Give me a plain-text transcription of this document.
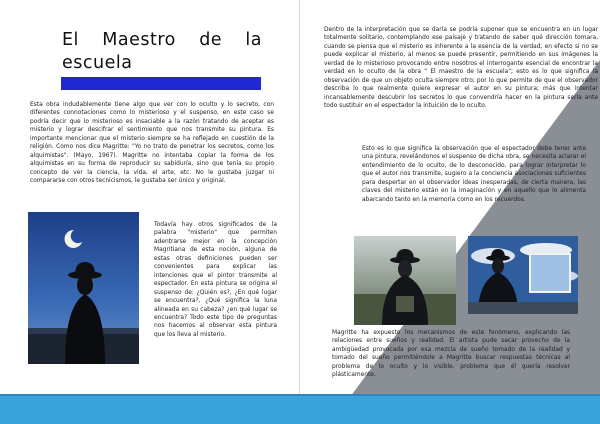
El Maestro de la escuela

Esta obra indudablemente tiene algo que ver con lo oculto y lo secreto, con diferentes connotaciones como lo misterioso y el suspenso, en este caso se podría decir que lo misterioso es insaciable a la razón tratando de aceptar es misterio y lograr descifrar el sentimiento que nos transmite su pintura. Es importante mencionar que el misterio siempre se ha reflejado en cuestión de la religión. Como nos dice Magritte: "Yo no trato de penetrar los secretos, como los alquimistas". (Mayo, 1967). Magritte no intentaba copiar la forma de los alquimistas en su forma de reproducir su sabiduría, sino que tenía su propio concepto de ver la ciencia, la vida, el arte, etc. No le gustaba juzgar ni compararse con otros tecnicismos, le gustaba ser único y original.

Todavía hay otros significados de la palabra "misterio" que permiten adentrarse mejor en la concepción Magritiana de esta noción, alguna de estas otras definiciones pueden ser convenientes para explicar las intenciones que el pintor transmite al espectador. En esta pintura se origina el suspenso de: ¿Quién es?, ¿En qué lugar se encuentra?, ¿Qué significa la luna alineada en su cabeza? ¿en qué lugar se encuentra? Todo este tipo de preguntas nos hacemos al observar esta pintura que los lleva al misterio.

Dentro de la interpretación que se daría se podría suponer que se encuentra en un lugar totalmente solitario, contemplando ese paisaje y tratando de saber qué dirección tomara, cuando se piensa que el misterio es inherente a la esencia de la verdad, en efecto si no se puede explicar el misterio, al menos se puede presentir, permitiendo en sus imágenes la verdad de lo misterioso provocando entre nosotros el interrogante esencial de encontrar la verdad en lo oculto de la obra " El maestro de la escuela"; esto es lo que significa la observación de que un objeto oculta siempre otro; por lo que permite de que el observador describa lo que realmente quiere expresar el autor en su pintura; más que intentar incansablemente descubrir los secretos lo que convendría hacer en la pintura sería ante todo sustituir en el espectador la intuición de lo oculto.

Esto es lo que significa la observación que el espectador debe tener ante una pintura, revelándonos el suspenso de dicha obra, se necesita aclarar el entendimiento de lo oculto, de lo desconocido, para lograr interpretar lo que el autor nos transmite, sugiero a la conciencia asociaciones suficientes para despertar en el observador ideas inesperadas, de cierta manera, las claves del misterio están en la imaginación y en aquello que lo alimenta abarcando tanto en la memoria como en los recuerdos.

Magritte ha expuesto los mecanismos de este fenómeno, explicando las relaciones entre sueños y realidad. El artista pude sacar provecho de la ambigüedad provocada por esa mezcla de sueño tomado de la realidad y tomado del sueño permitiéndole a Magritte buscar respuestas técnicas al problema de lo oculto y lo visible, problema que él quería resolver plásticamente.
